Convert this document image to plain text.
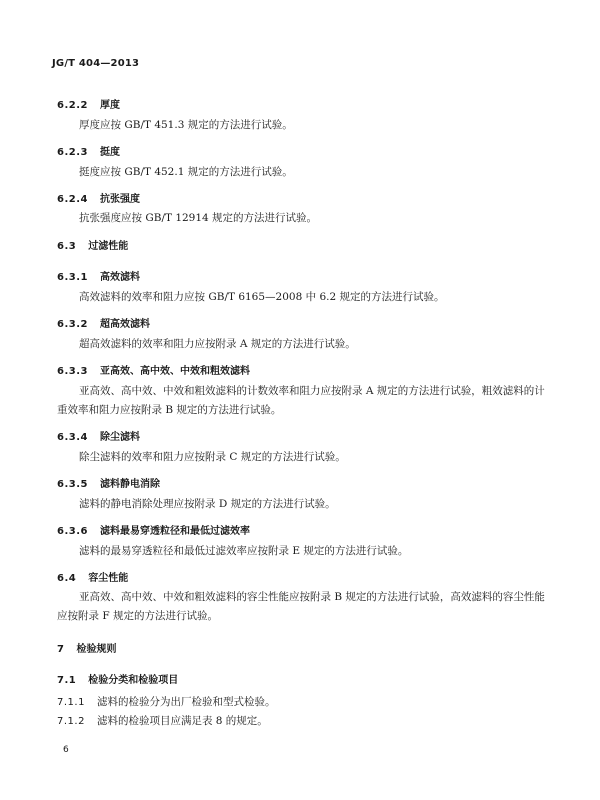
JG/T 404—2013
6.2.2 厚度
厚度应按 GB/T 451.3 规定的方法进行试验。
6.2.3 挺度
挺度应按 GB/T 452.1 规定的方法进行试验。
6.2.4 抗张强度
抗张强度应按 GB/T 12914 规定的方法进行试验。
6.3 过滤性能
6.3.1 高效滤料
高效滤料的效率和阻力应按 GB/T 6165—2008 中 6.2 规定的方法进行试验。
6.3.2 超高效滤料
超高效滤料的效率和阻力应按附录 A 规定的方法进行试验。
6.3.3 亚高效、高中效、中效和粗效滤料
亚高效、高中效、中效和粗效滤料的计数效率和阻力应按附录 A 规定的方法进行试验，粗效滤料的计重效率和阻力应按附录 B 规定的方法进行试验。
6.3.4 除尘滤料
除尘滤料的效率和阻力应按附录 C 规定的方法进行试验。
6.3.5 滤料静电消除
滤料的静电消除处理应按附录 D 规定的方法进行试验。
6.3.6 滤料最易穿透粒径和最低过滤效率
滤料的最易穿透粒径和最低过滤效率应按附录 E 规定的方法进行试验。
6.4 容尘性能
亚高效、高中效、中效和粗效滤料的容尘性能应按附录 B 规定的方法进行试验，高效滤料的容尘性能应按附录 F 规定的方法进行试验。
7 检验规则
7.1 检验分类和检验项目
7.1.1 滤料的检验分为出厂检验和型式检验。
7.1.2 滤料的检验项目应满足表 8 的规定。
6
